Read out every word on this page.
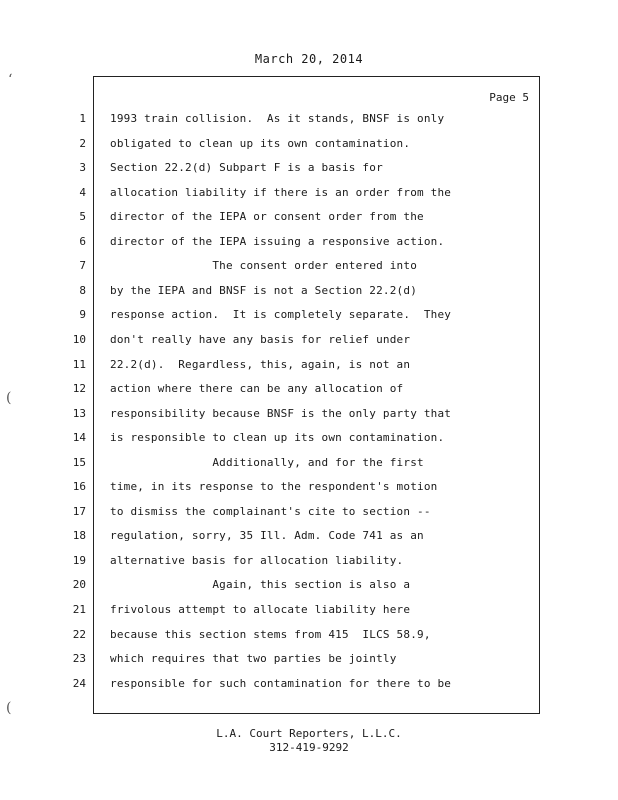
March 20, 2014
Page 5
1 1993 train collision.  As it stands, BNSF is only
2 obligated to clean up its own contamination.
3 Section 22.2(d) Subpart F is a basis for
4 allocation liability if there is an order from the
5 director of the IEPA or consent order from the
6 director of the IEPA issuing a responsive action.
7 The consent order entered into
8 by the IEPA and BNSF is not a Section 22.2(d)
9 response action.  It is completely separate.  They
10 don't really have any basis for relief under
11 22.2(d).  Regardless, this, again, is not an
12 action where there can be any allocation of
13 responsibility because BNSF is the only party that
14 is responsible to clean up its own contamination.
15 Additionally, and for the first
16 time, in its response to the respondent's motion
17 to dismiss the complainant's cite to section --
18 regulation, sorry, 35 Ill. Adm. Code 741 as an
19 alternative basis for allocation liability.
20 Again, this section is also a
21 frivolous attempt to allocate liability here
22 because this section stems from 415  ILCS 58.9,
23 which requires that two parties be jointly
24 responsible for such contamination for there to be
L.A. Court Reporters, L.L.C.
312-419-9292
‘
(
(
